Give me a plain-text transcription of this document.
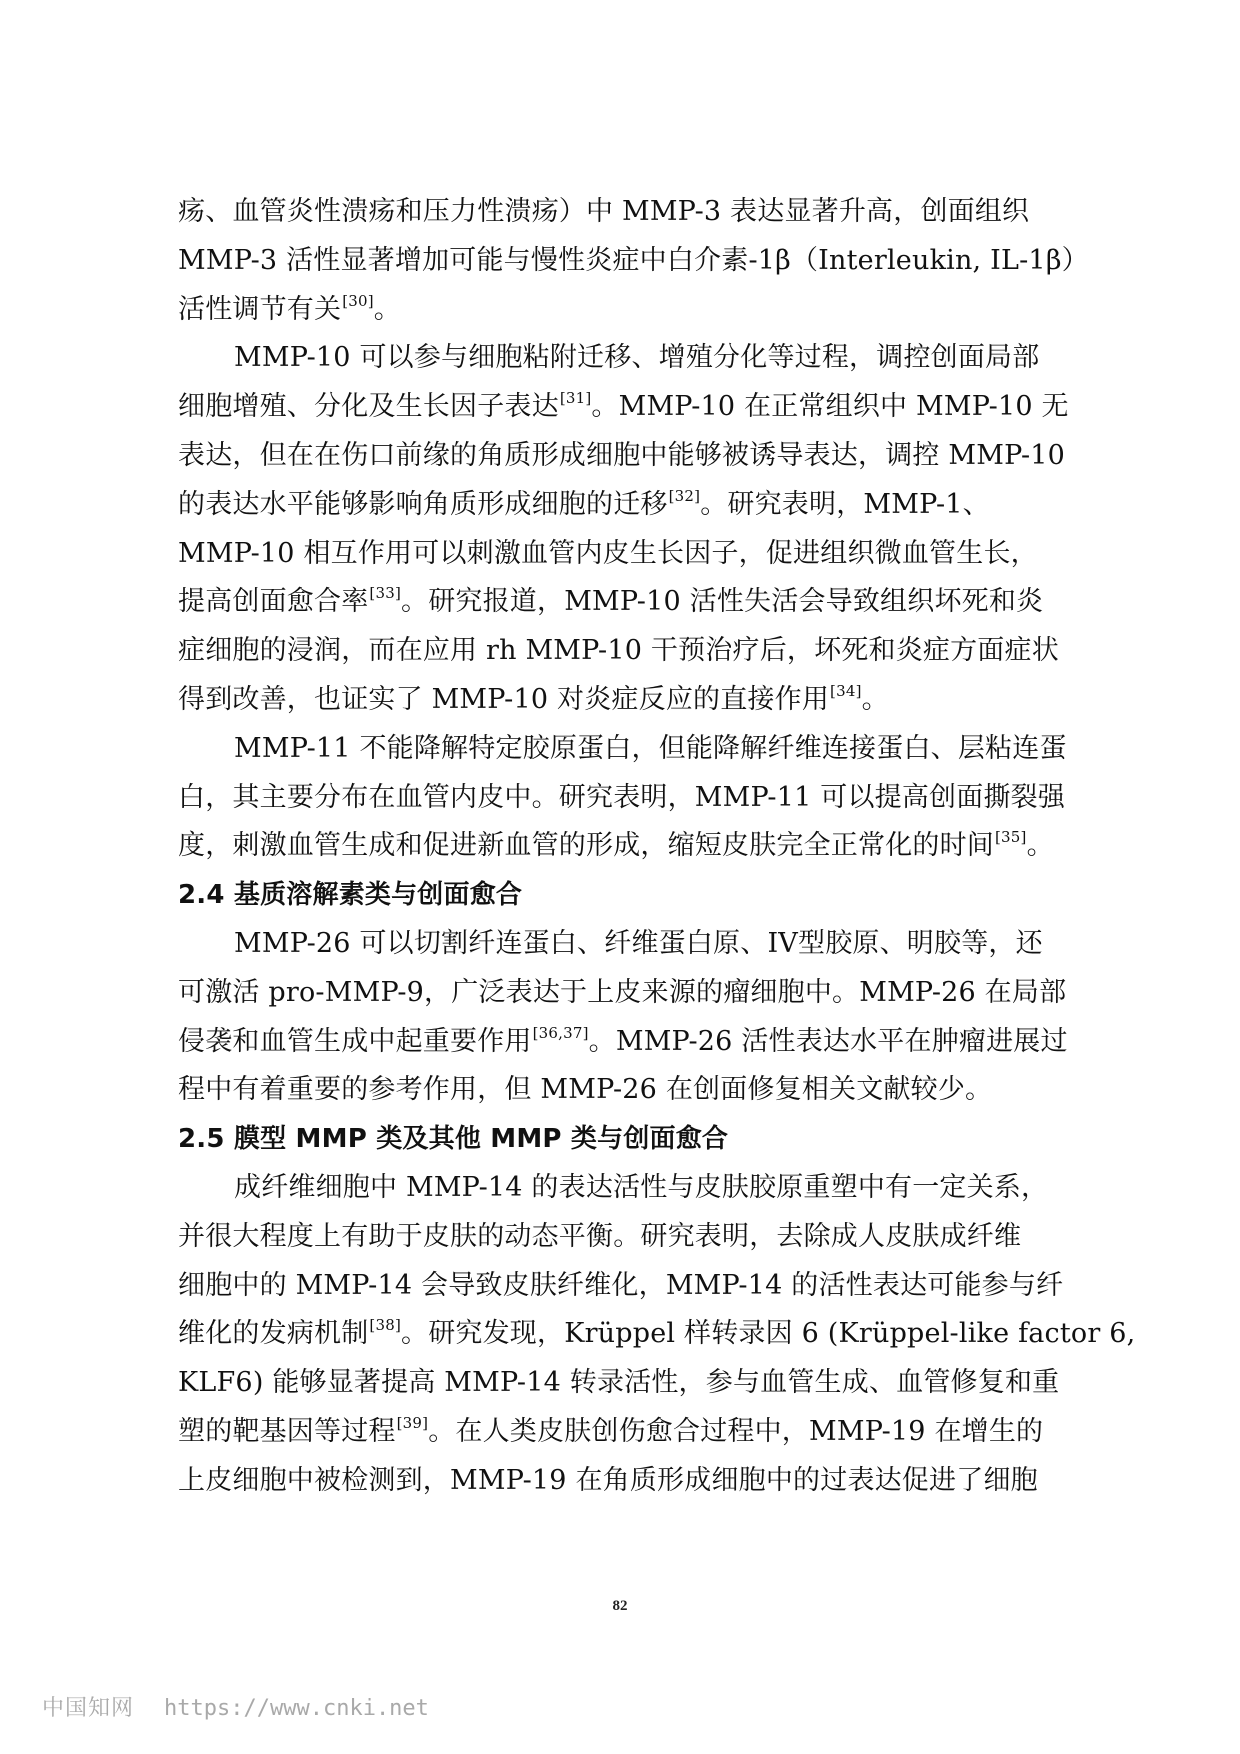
疡、血管炎性溃疡和压力性溃疡）中 MMP-3 表达显著升高，创面组织
MMP-3 活性显著增加可能与慢性炎症中白介素-1β（Interleukin, IL-1β）
活性调节有关[30]。
MMP-10 可以参与细胞粘附迁移、增殖分化等过程，调控创面局部
细胞增殖、分化及生长因子表达[31]。MMP-10 在正常组织中 MMP-10 无
表达，但在在伤口前缘的角质形成细胞中能够被诱导表达，调控 MMP-10
的表达水平能够影响角质形成细胞的迁移[32]。研究表明，MMP-1、
MMP-10 相互作用可以刺激血管内皮生长因子，促进组织微血管生长，
提高创面愈合率[33]。研究报道，MMP-10 活性失活会导致组织坏死和炎
症细胞的浸润，而在应用 rh MMP-10 干预治疗后，坏死和炎症方面症状
得到改善，也证实了 MMP-10 对炎症反应的直接作用[34]。
MMP-11 不能降解特定胶原蛋白，但能降解纤维连接蛋白、层粘连蛋
白，其主要分布在血管内皮中。研究表明，MMP-11 可以提高创面撕裂强
度，刺激血管生成和促进新血管的形成，缩短皮肤完全正常化的时间[35]。
2.4 基质溶解素类与创面愈合
MMP-26 可以切割纤连蛋白、纤维蛋白原、IV型胶原、明胶等，还
可激活 pro-MMP-9，广泛表达于上皮来源的瘤细胞中。MMP-26 在局部
侵袭和血管生成中起重要作用[36,37]。MMP-26 活性表达水平在肿瘤进展过
程中有着重要的参考作用，但 MMP-26 在创面修复相关文献较少。
2.5 膜型 MMP 类及其他 MMP 类与创面愈合
成纤维细胞中 MMP-14 的表达活性与皮肤胶原重塑中有一定关系，
并很大程度上有助于皮肤的动态平衡。研究表明，去除成人皮肤成纤维
细胞中的 MMP-14 会导致皮肤纤维化，MMP-14 的活性表达可能参与纤
维化的发病机制[38]。研究发现，Krüppel 样转录因 6 (Krüppel-like factor 6,
KLF6) 能够显著提高 MMP-14 转录活性，参与血管生成、血管修复和重
塑的靶基因等过程[39]。在人类皮肤创伤愈合过程中，MMP-19 在增生的
上皮细胞中被检测到，MMP-19 在角质形成细胞中的过表达促进了细胞
82
中国知网 https://www.cnki.net
